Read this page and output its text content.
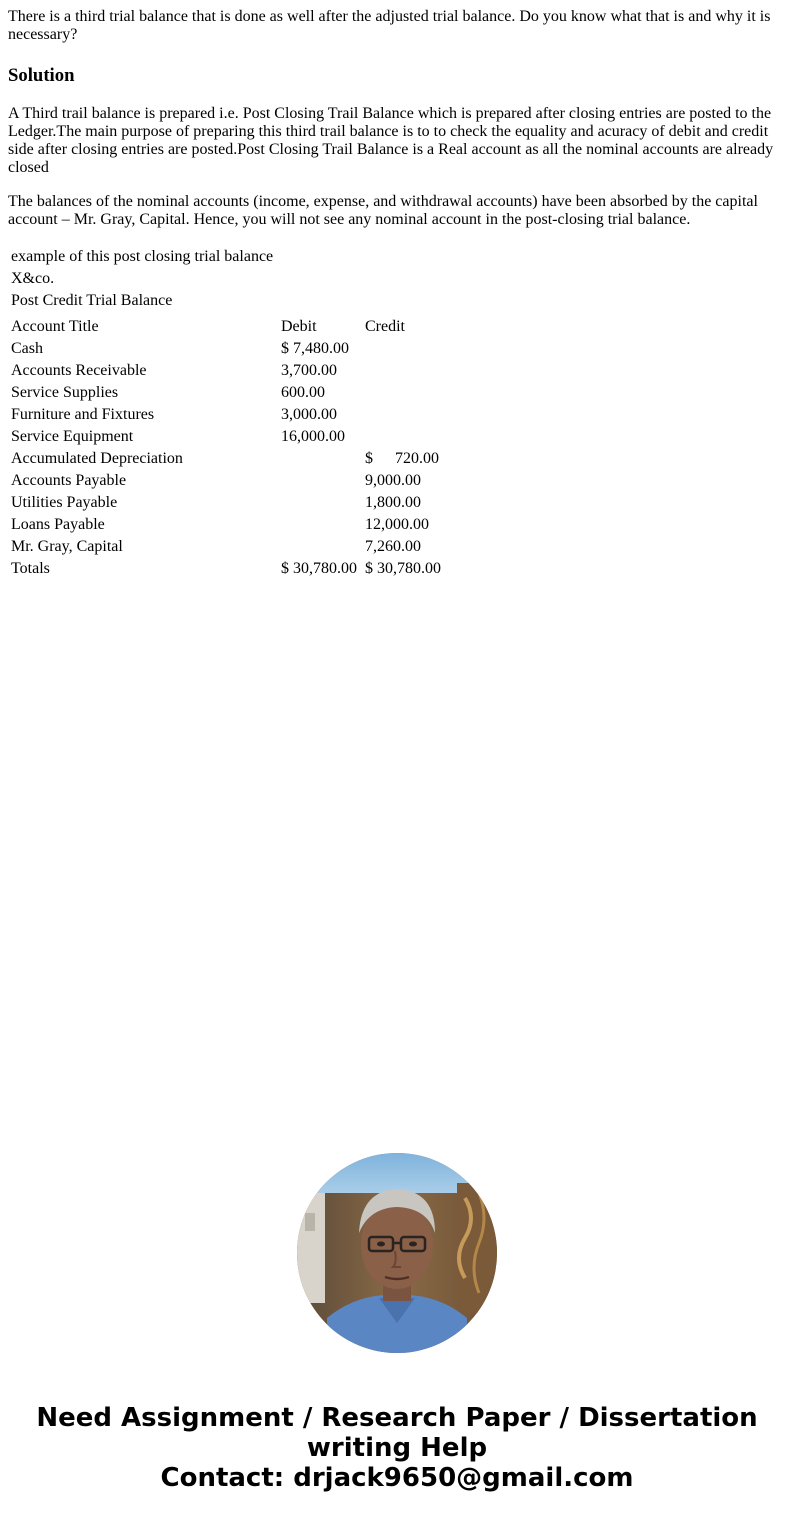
There is a third trial balance that is done as well after the adjusted trial balance. Do you know what that is and why it is necessary?

Solution

A Third trail balance is prepared i.e. Post Closing Trail Balance which is prepared after closing entries are posted to the Ledger.The main purpose of preparing this third trail balance is to to check the equality and acuracy of debit and credit side after closing entries are posted.Post Closing Trail Balance is a Real account as all the nominal accounts are already closed

The balances of the nominal accounts (income, expense, and withdrawal accounts) have been absorbed by the capital account – Mr. Gray, Capital. Hence, you will not see any nominal account in the post-closing trial balance.

example of this post closing trial balance		
X&co.		
Post Credit Trial Balance		
Account Title	Debit	Credit
Cash	$ 7,480.00	
Accounts Receivable	3,700.00	
Service Supplies	600.00	
Furniture and Fixtures	3,000.00	
Service Equipment	16,000.00	
Accumulated Depreciation		$ 720.00
Accounts Payable		9,000.00
Utilities Payable		1,800.00
Loans Payable		12,000.00
Mr. Gray, Capital		7,260.00
Totals	$ 30,780.00	$ 30,780.00
Need Assignment / Research Paper / Dissertation
writing Help
Contact: drjack9650@gmail.com
